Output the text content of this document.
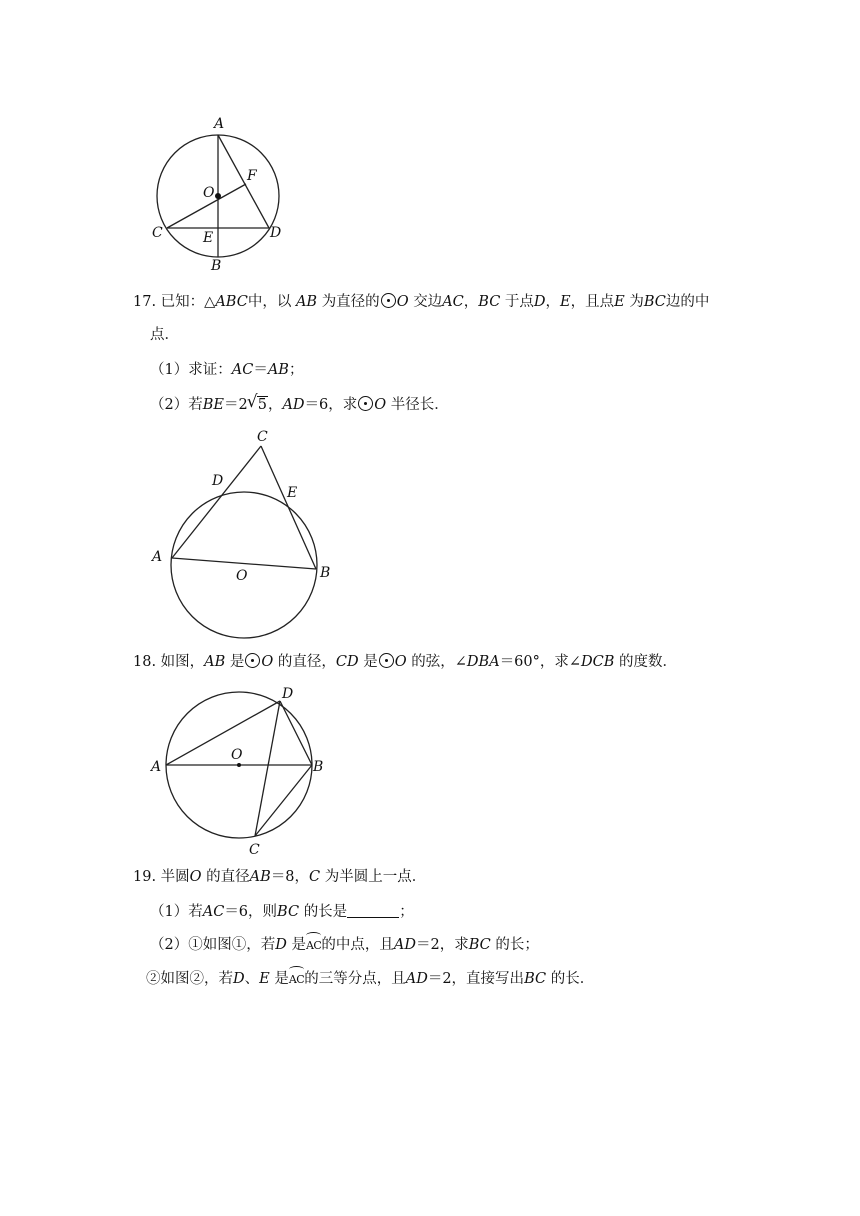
A
O
F
C	E	D
B
17. 已知：△ABC中，以 AB 为直径的 O 交边AC，BC 于点D，E，且点E 为BC边的中
点．
（1）求证：AC＝AB；
（2）若BE＝2√ 5，AD＝6，求 O 半径长．
C
D
E
A
O	B
18. 如图，AB 是 O 的直径，CD 是 O 的弦，∠DBA＝60°，求∠DCB 的度数．
D
O
A	B
C
19. 半圆O 的直径AB＝8，C 为半圆上一点．
（1）若AC＝6，则BC 的长是	；
（2）①如图①，若D 是AC的中点，且AD＝2，求BC 的长；
②如图②，若D、E 是AC的三等分点，且AD＝2，直接写出BC 的长．
